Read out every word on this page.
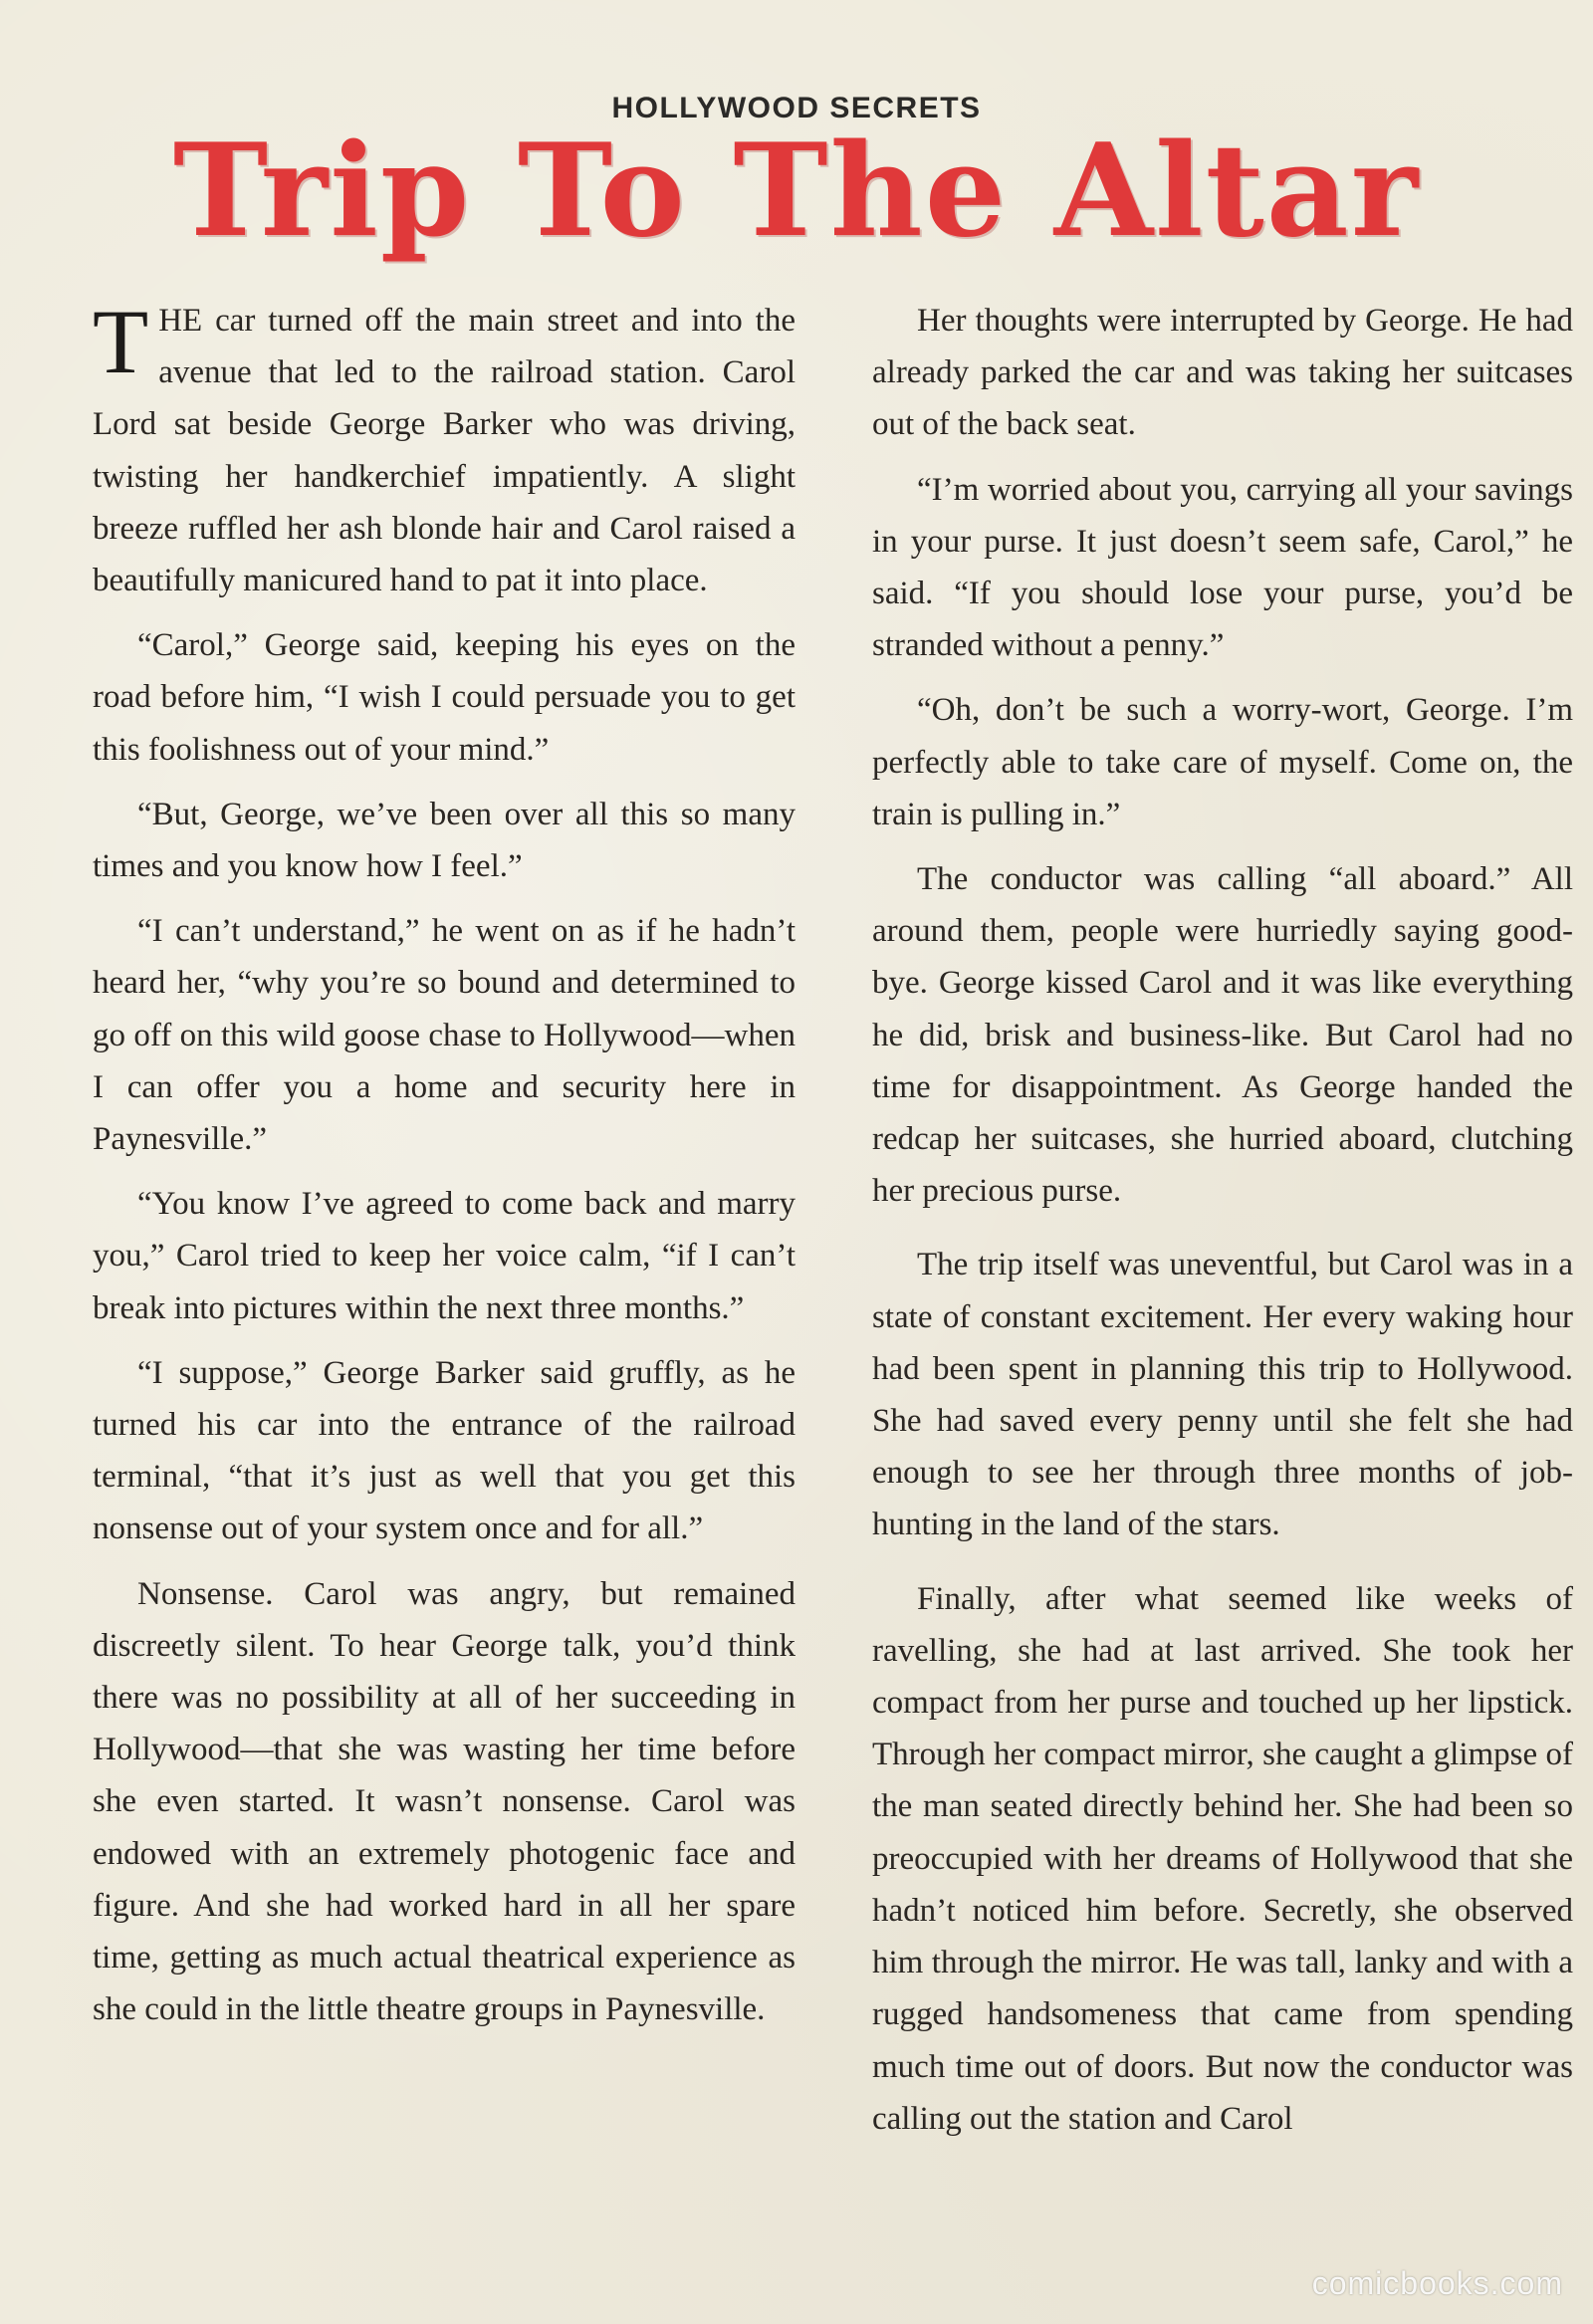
HOLLYWOOD SECRETS
Trip To The Altar

THE car turned off the main street and into the avenue that led to the railroad station. Carol Lord sat beside George Barker who was driving, twisting her handkerchief impatiently. A slight breeze ruffled her ash blonde hair and Carol raised a beautifully manicured hand to pat it into place.

“Carol,” George said, keeping his eyes on the road before him, “I wish I could persuade you to get this foolishness out of your mind.”

“But, George, we’ve been over all this so many times and you know how I feel.”

“I can’t understand,” he went on as if he hadn’t heard her, “why you’re so bound and determined to go off on this wild goose chase to Hollywood—when I can offer you a home and security here in Paynesville.”

“You know I’ve agreed to come back and marry you,” Carol tried to keep her voice calm, “if I can’t break into pictures within the next three months.”

“I suppose,” George Barker said gruffly, as he turned his car into the entrance of the railroad terminal, “that it’s just as well that you get this nonsense out of your system once and for all.”

Nonsense. Carol was angry, but remained discreetly silent. To hear George talk, you’d think there was no possibility at all of her succeeding in Hollywood—that she was wasting her time before she even started. It wasn’t nonsense. Carol was endowed with an extremely photogenic face and figure. And she had worked hard in all her spare time, getting as much actual theatrical experience as she could in the little theatre groups in Paynesville.

Her thoughts were interrupted by George. He had already parked the car and was taking her suitcases out of the back seat.

“I’m worried about you, carrying all your savings in your purse. It just doesn’t seem safe, Carol,” he said. “If you should lose your purse, you’d be stranded without a penny.”

“Oh, don’t be such a worry-wort, George. I’m perfectly able to take care of myself. Come on, the train is pulling in.”

The conductor was calling “all aboard.” All around them, people were hurriedly saying good-bye. George kissed Carol and it was like everything he did, brisk and business-like. But Carol had no time for disappointment. As George handed the redcap her suitcases, she hurried aboard, clutching her precious purse.

The trip itself was uneventful, but Carol was in a state of constant excitement. Her every waking hour had been spent in planning this trip to Hollywood. She had saved every penny until she felt she had enough to see her through three months of job-hunting in the land of the stars.

Finally, after what seemed like weeks of ravelling, she had at last arrived. She took her compact from her purse and touched up her lipstick. Through her compact mirror, she caught a glimpse of the man seated directly behind her. She had been so preoccupied with her dreams of Hollywood that she hadn’t noticed him before. Secretly, she observed him through the mirror. He was tall, lanky and with a rugged handsomeness that came from spending much time out of doors. But now the conductor was calling out the station and Carol

comicbooks.com
